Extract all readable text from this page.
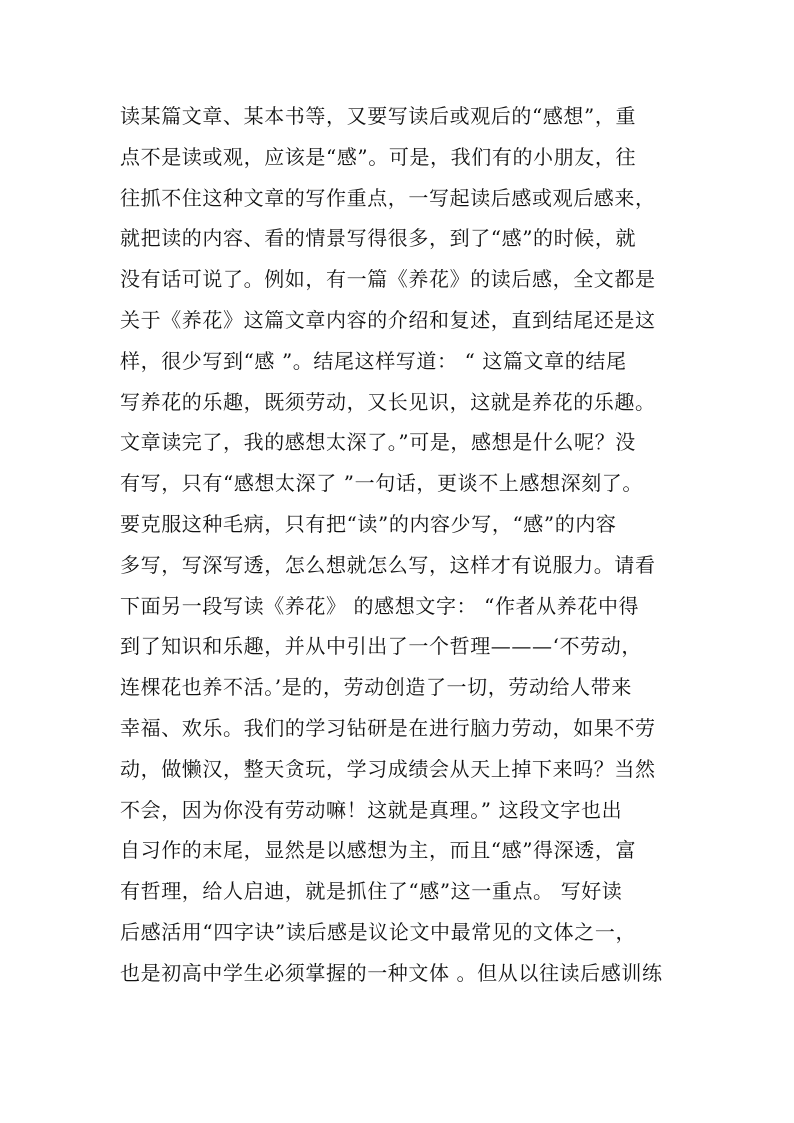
读某篇文章、某本书等，又要写读后或观后的“感想”，重
点不是读或观，应该是“感”。可是，我们有的小朋友，往
往抓不住这种文章的写作重点，一写起读后感或观后感来，
就把读的内容、看的情景写得很多，到了“感”的时候，就
没有话可说了。例如，有一篇《养花》的读后感，全文都是
关于《养花》这篇文章内容的介绍和复述，直到结尾还是这
样，很少写到“感 ”。结尾这样写道： “ 这篇文章的结尾
写养花的乐趣，既须劳动，又长见识，这就是养花的乐趣。
文章读完了，我的感想太深了。”可是，感想是什么呢？没
有写，只有“感想太深了 ”一句话，更谈不上感想深刻了。
要克服这种毛病，只有把“读”的内容少写，“感”的内容
多写，写深写透，怎么想就怎么写，这样才有说服力。请看
下面另一段写读《养花》 的感想文字： “作者从养花中得
到了知识和乐趣，并从中引出了一个哲理———‘不劳动，
连棵花也养不活。’是的，劳动创造了一切，劳动给人带来
幸福、欢乐。我们的学习钻研是在进行脑力劳动，如果不劳
动，做懒汉，整天贪玩，学习成绩会从天上掉下来吗？当然
不会，因为你没有劳动嘛！这就是真理。” 这段文字也出
自习作的末尾，显然是以感想为主，而且“感”得深透，富
有哲理，给人启迪，就是抓住了“感”这一重点。 写好读
后感活用“四字诀”读后感是议论文中最常见的文体之一，
也是初高中学生必须掌握的一种文体 。但从以往读后感训练
